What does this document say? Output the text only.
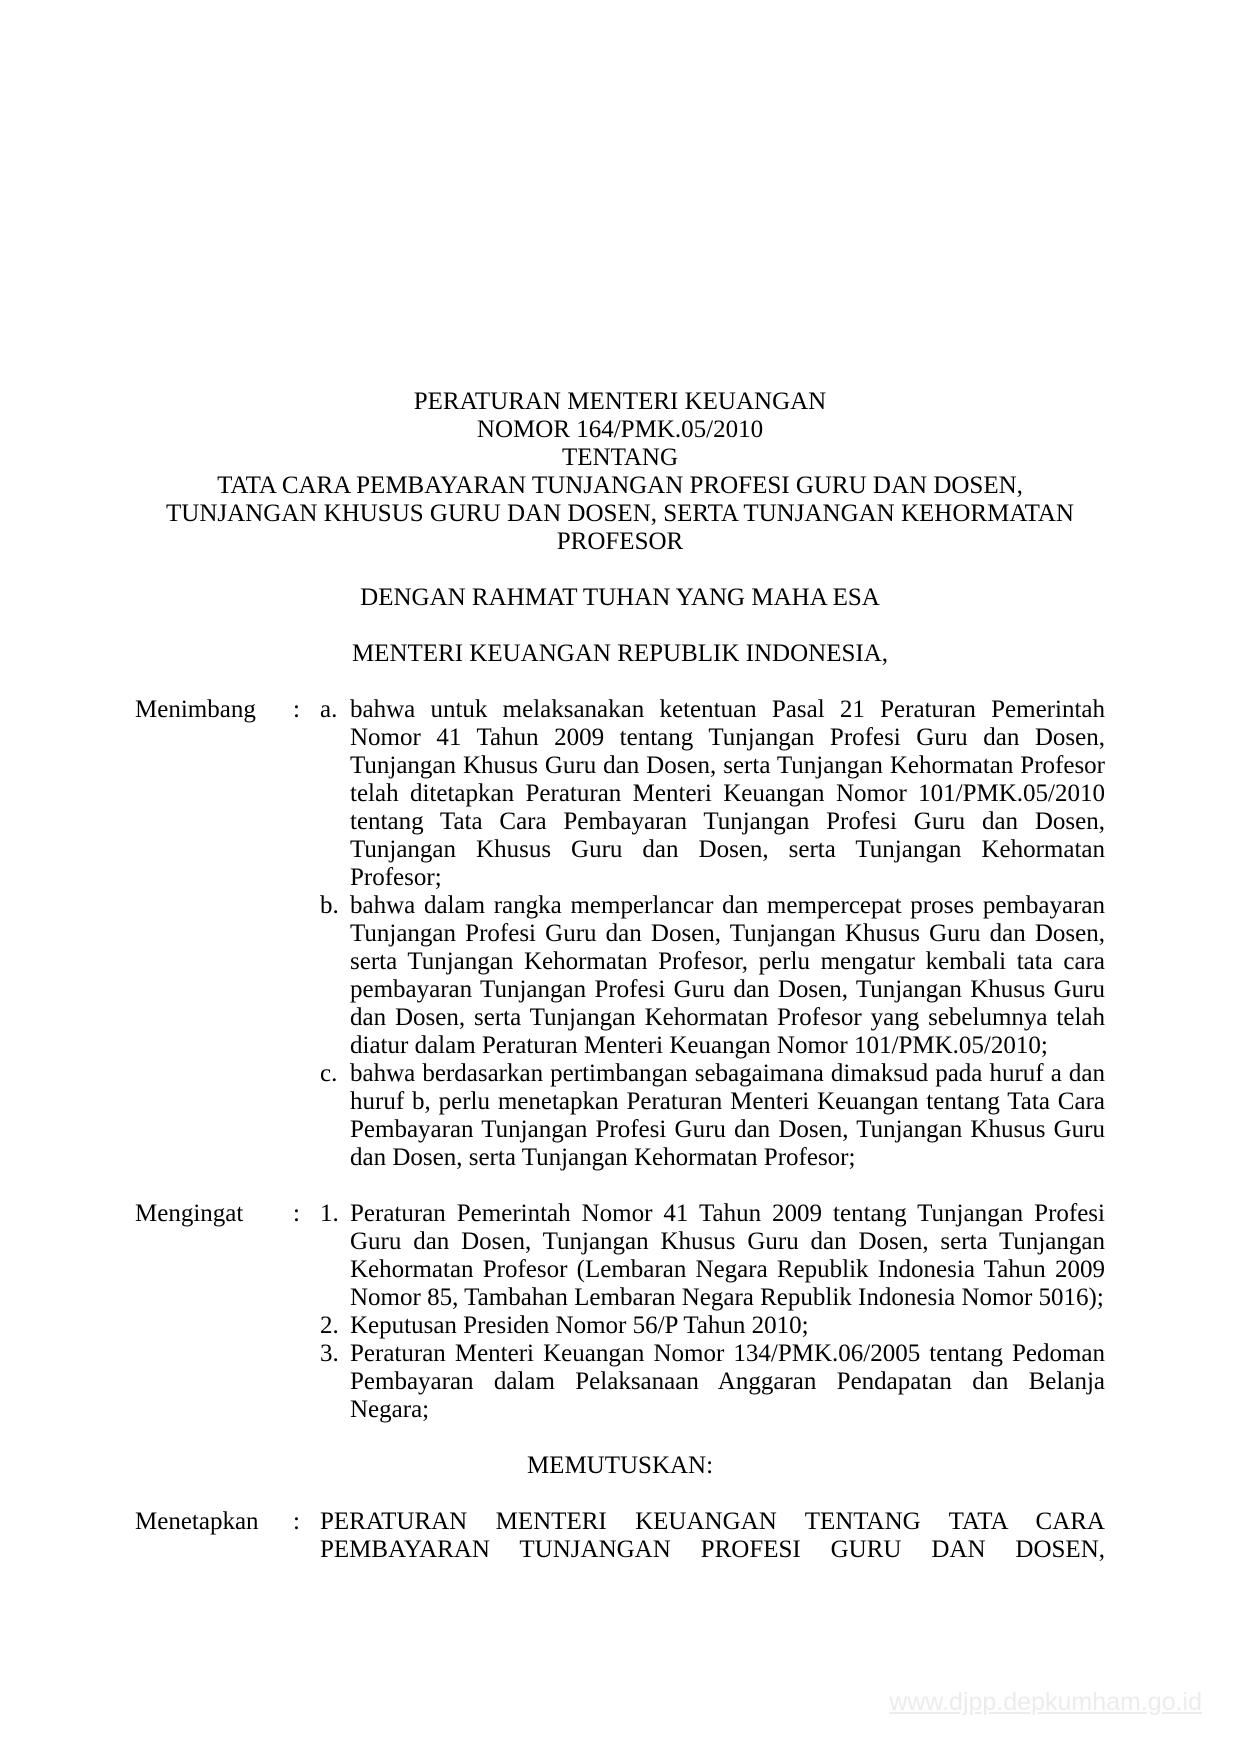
PERATURAN MENTERI KEUANGAN
NOMOR 164/PMK.05/2010
TENTANG
TATA CARA PEMBAYARAN TUNJANGAN PROFESI GURU DAN DOSEN,
TUNJANGAN KHUSUS GURU DAN DOSEN, SERTA TUNJANGAN KEHORMATAN
PROFESOR
DENGAN RAHMAT TUHAN YANG MAHA ESA
MENTERI KEUANGAN REPUBLIK INDONESIA,
Menimbang	: a. bahwa untuk melaksanakan ketentuan Pasal 21 Peraturan Pemerintah Nomor 41 Tahun 2009 tentang Tunjangan Profesi Guru dan Dosen, Tunjangan Khusus Guru dan Dosen, serta Tunjangan Kehormatan Profesor telah ditetapkan Peraturan Menteri Keuangan Nomor 101/PMK.05/2010 tentang Tata Cara Pembayaran Tunjangan Profesi Guru dan Dosen, Tunjangan Khusus Guru dan Dosen, serta Tunjangan Kehormatan Profesor;
b. bahwa dalam rangka memperlancar dan mempercepat proses pembayaran Tunjangan Profesi Guru dan Dosen, Tunjangan Khusus Guru dan Dosen, serta Tunjangan Kehormatan Profesor, perlu mengatur kembali tata cara pembayaran Tunjangan Profesi Guru dan Dosen, Tunjangan Khusus Guru dan Dosen, serta Tunjangan Kehormatan Profesor yang sebelumnya telah diatur dalam Peraturan Menteri Keuangan Nomor 101/PMK.05/2010;
c. bahwa berdasarkan pertimbangan sebagaimana dimaksud pada huruf a dan huruf b, perlu menetapkan Peraturan Menteri Keuangan tentang Tata Cara Pembayaran Tunjangan Profesi Guru dan Dosen, Tunjangan Khusus Guru dan Dosen, serta Tunjangan Kehormatan Profesor;
Mengingat	: 1. Peraturan Pemerintah Nomor 41 Tahun 2009 tentang Tunjangan Profesi Guru dan Dosen, Tunjangan Khusus Guru dan Dosen, serta Tunjangan Kehormatan Profesor (Lembaran Negara Republik Indonesia Tahun 2009 Nomor 85, Tambahan Lembaran Negara Republik Indonesia Nomor 5016);
2. Keputusan Presiden Nomor 56/P Tahun 2010;
3. Peraturan Menteri Keuangan Nomor 134/PMK.06/2005 tentang Pedoman Pembayaran dalam Pelaksanaan Anggaran Pendapatan dan Belanja Negara;
MEMUTUSKAN:
Menetapkan	: PERATURAN MENTERI KEUANGAN TENTANG TATA CARA PEMBAYARAN TUNJANGAN PROFESI GURU DAN DOSEN,
www.djpp.depkumham.go.id
